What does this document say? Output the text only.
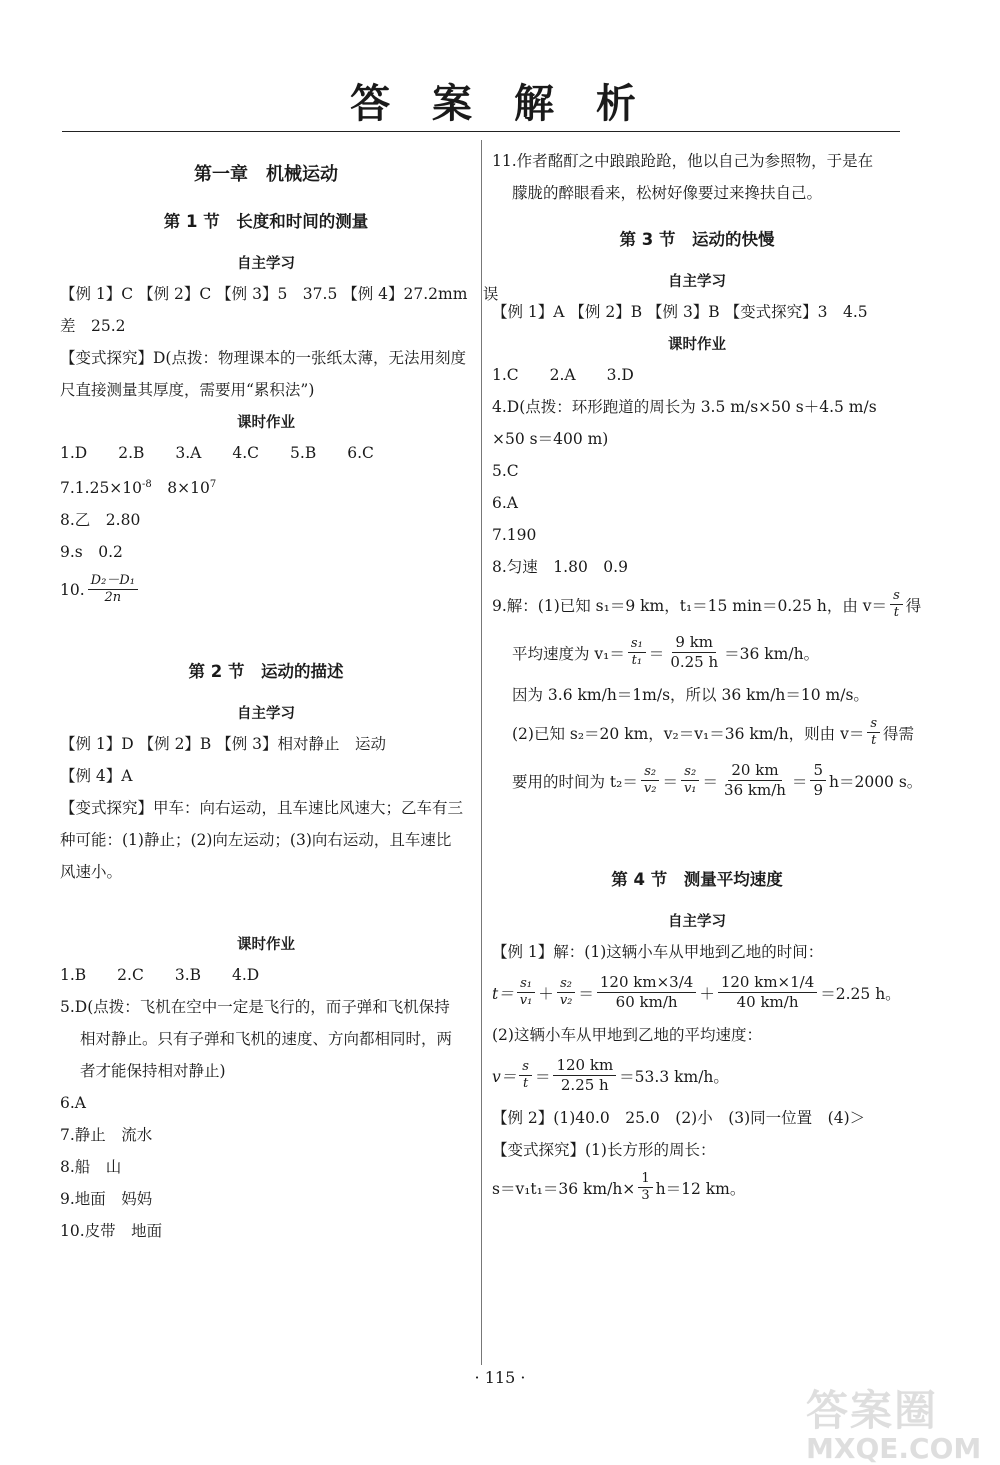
答 案 解 析
第一章　机械运动
第 1 节　长度和时间的测量
自主学习
【例 1】C 【例 2】C 【例 3】5　37.5 【例 4】27.2mm　误
差　25.2
【变式探究】D(点拨：物理课本的一张纸太薄，无法用刻度
尺直接测量其厚度，需要用“累积法”)
课时作业
1.D　　2.B　　3.A　　4.C　　5.B　　6.C
$7.1.25\times 10^{-8}$　$8\times 10^7$
8.乙　2.80
9.s　0.2
10. $\frac{\text{D₂－D₁}}{2n}$
第 2 节　运动的描述
自主学习
【例 1】D 【例 2】B 【例 3】相对静止　运动
【例 4】A
【变式探究】甲车：向右运动，且车速比风速大；乙车有三
种可能：(1)静止；(2)向左运动；(3)向右运动，且车速比
风速小。
课时作业
1.B　　2.C　　3.B　　4.D
5.D(点拨：飞机在空中一定是飞行的，而子弹和飞机保持
相对静止。只有子弹和飞机的速度、方向都相同时，两
者才能保持相对静止)
6.A
7.静止　流水
8.船　山
9.地面　妈妈
10.皮带　地面
11.作者酩酊之中踉踉跄跄，他以自己为参照物，于是在
朦胧的醉眼看来，松树好像要过来搀扶自己。
第 3 节　运动的快慢
自主学习
【例 1】A 【例 2】B 【例 3】B 【变式探究】3　4.5
课时作业
1.C　　2.A　　3.D
4.D(点拨：环形跑道的周长为 3.5 m/s×50 s＋4.5 m/s
×50 s＝400 m)
5.C
6.A
7.190
8.匀速　1.80　0.9
9.解：(1)已知 s₁＝9 km，t₁＝15 min＝0.25 h，由 $v= \frac{s}{t}$ 得
平均速度为 $v_1= \frac{\text{s₁}}{\text{t₁}} = \frac{9 km}{0.25 h} =36$ km/h。
因为 3.6 km/h＝1m/s，所以 36 km/h＝10 m/s。
(2)已知 s₂＝20 km，v₂＝v₁＝36 km/h，则由 $v= \frac{s}{t}$ 得需
要用的时间为 $t_2= \frac{\text{s₂}}{\text{v₂}} = \frac{\text{s₂}}{\text{v₁}} = \frac{20 km}{36 km/h} = \frac{5}{9} h=2000$ s。
第 4 节　测量平均速度
自主学习
【例 1】解：(1)这辆小车从甲地到乙地的时间：
$t= \frac{\text{s₁}}{\text{v₁}} + \frac{\text{s₂}}{\text{v₂}} = \frac{120 km\times 3/4}{60 km/h} + \frac{120 km\times 1/4}{40 km/h} =2.25$ h。
(2)这辆小车从甲地到乙地的平均速度：
$v= \frac{s}{t} = \frac{120 km}{2.25 h} =53.3$ km/h。
【例 2】(1)40.0　25.0　(2)小　(3)同一位置　(4)＞
【变式探究】(1)长方形的周长：
s＝v₁t₁＝36 $km/h\times \frac{1}{3} h=12$ km。
· 115 ·
答案圈
MXQE.COM
